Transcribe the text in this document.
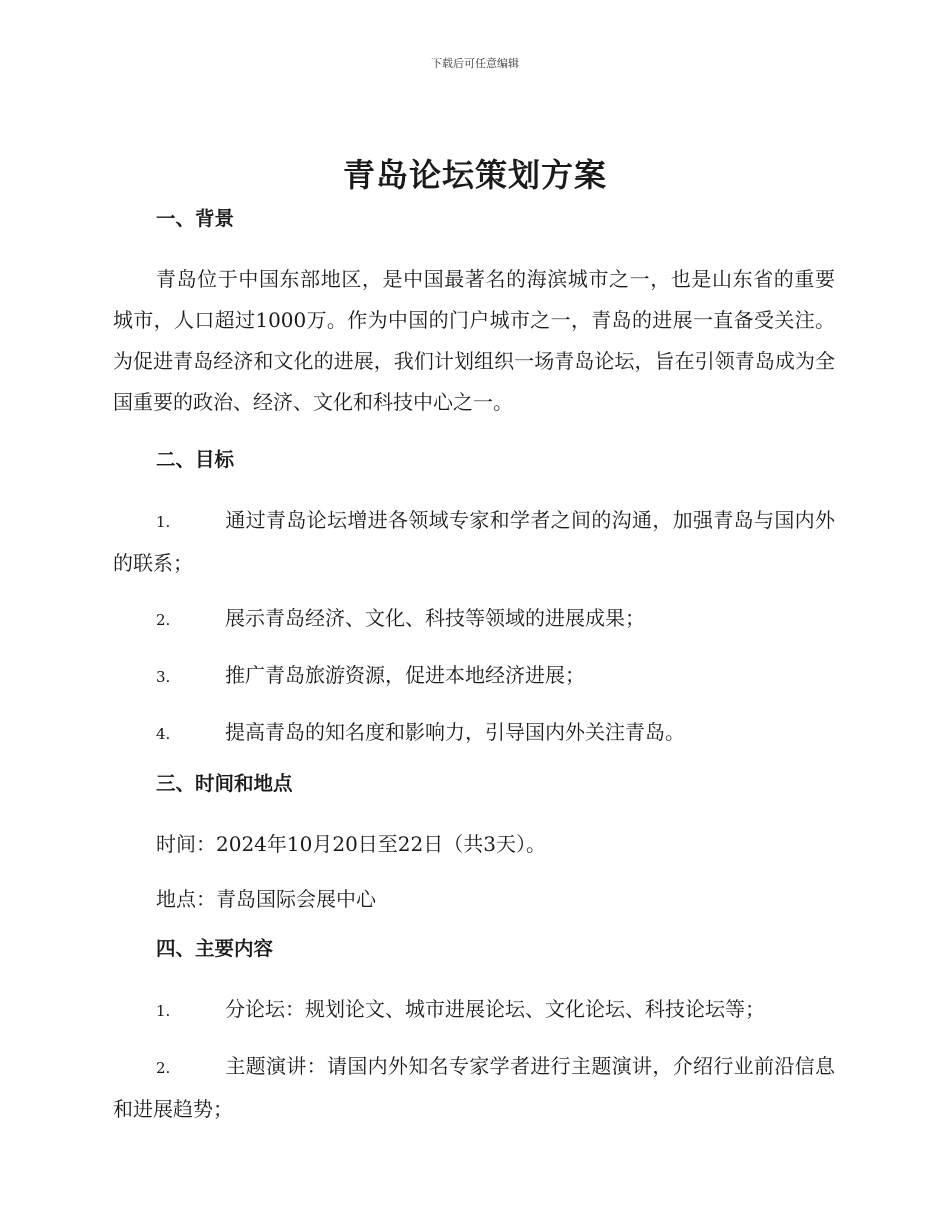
下载后可任意编辑
青岛论坛策划方案
一、背景

青岛位于中国东部地区，是中国最著名的海滨城市之一，也是山东省的重要城市，人口超过1000万。作为中国的门户城市之一，青岛的进展一直备受关注。为促进青岛经济和文化的进展，我们计划组织一场青岛论坛，旨在引领青岛成为全国重要的政治、经济、文化和科技中心之一。

二、目标
1.	通过青岛论坛增进各领域专家和学者之间的沟通，加强青岛与国内外的联系；
2.	展示青岛经济、文化、科技等领域的进展成果；
3.	推广青岛旅游资源，促进本地经济进展；
4.	提高青岛的知名度和影响力，引导国内外关注青岛。
三、时间和地点
时间：2024年10月20日至22日（共3天）。
地点：青岛国际会展中心
四、主要内容
1.	分论坛：规划论文、城市进展论坛、文化论坛、科技论坛等；
2.	主题演讲：请国内外知名专家学者进行主题演讲，介绍行业前沿信息和进展趋势；
